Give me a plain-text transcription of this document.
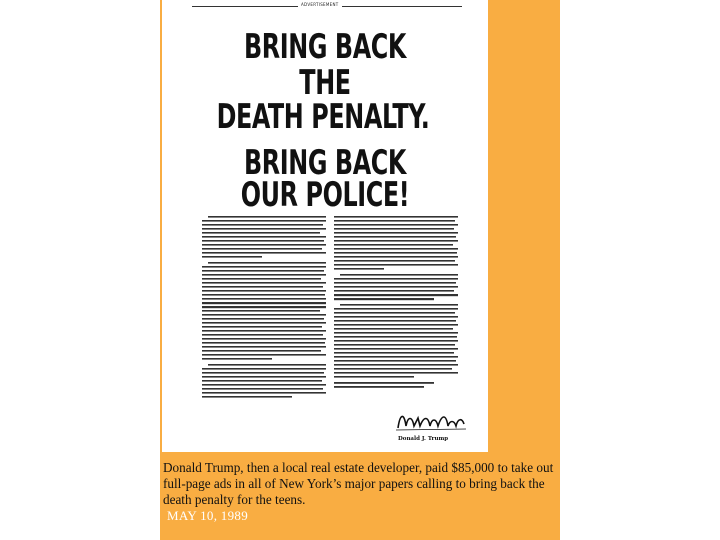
ADVERTISEMENT
BRING BACK
THE
DEATH PENALTY.
BRING BACK
OUR POLICE!
Donald J. Trump
Donald Trump, then a local real estate developer, paid $85,000 to take out full-page ads in all of New York’s major papers calling to bring back the death penalty for the teens.
MAY 10, 1989
